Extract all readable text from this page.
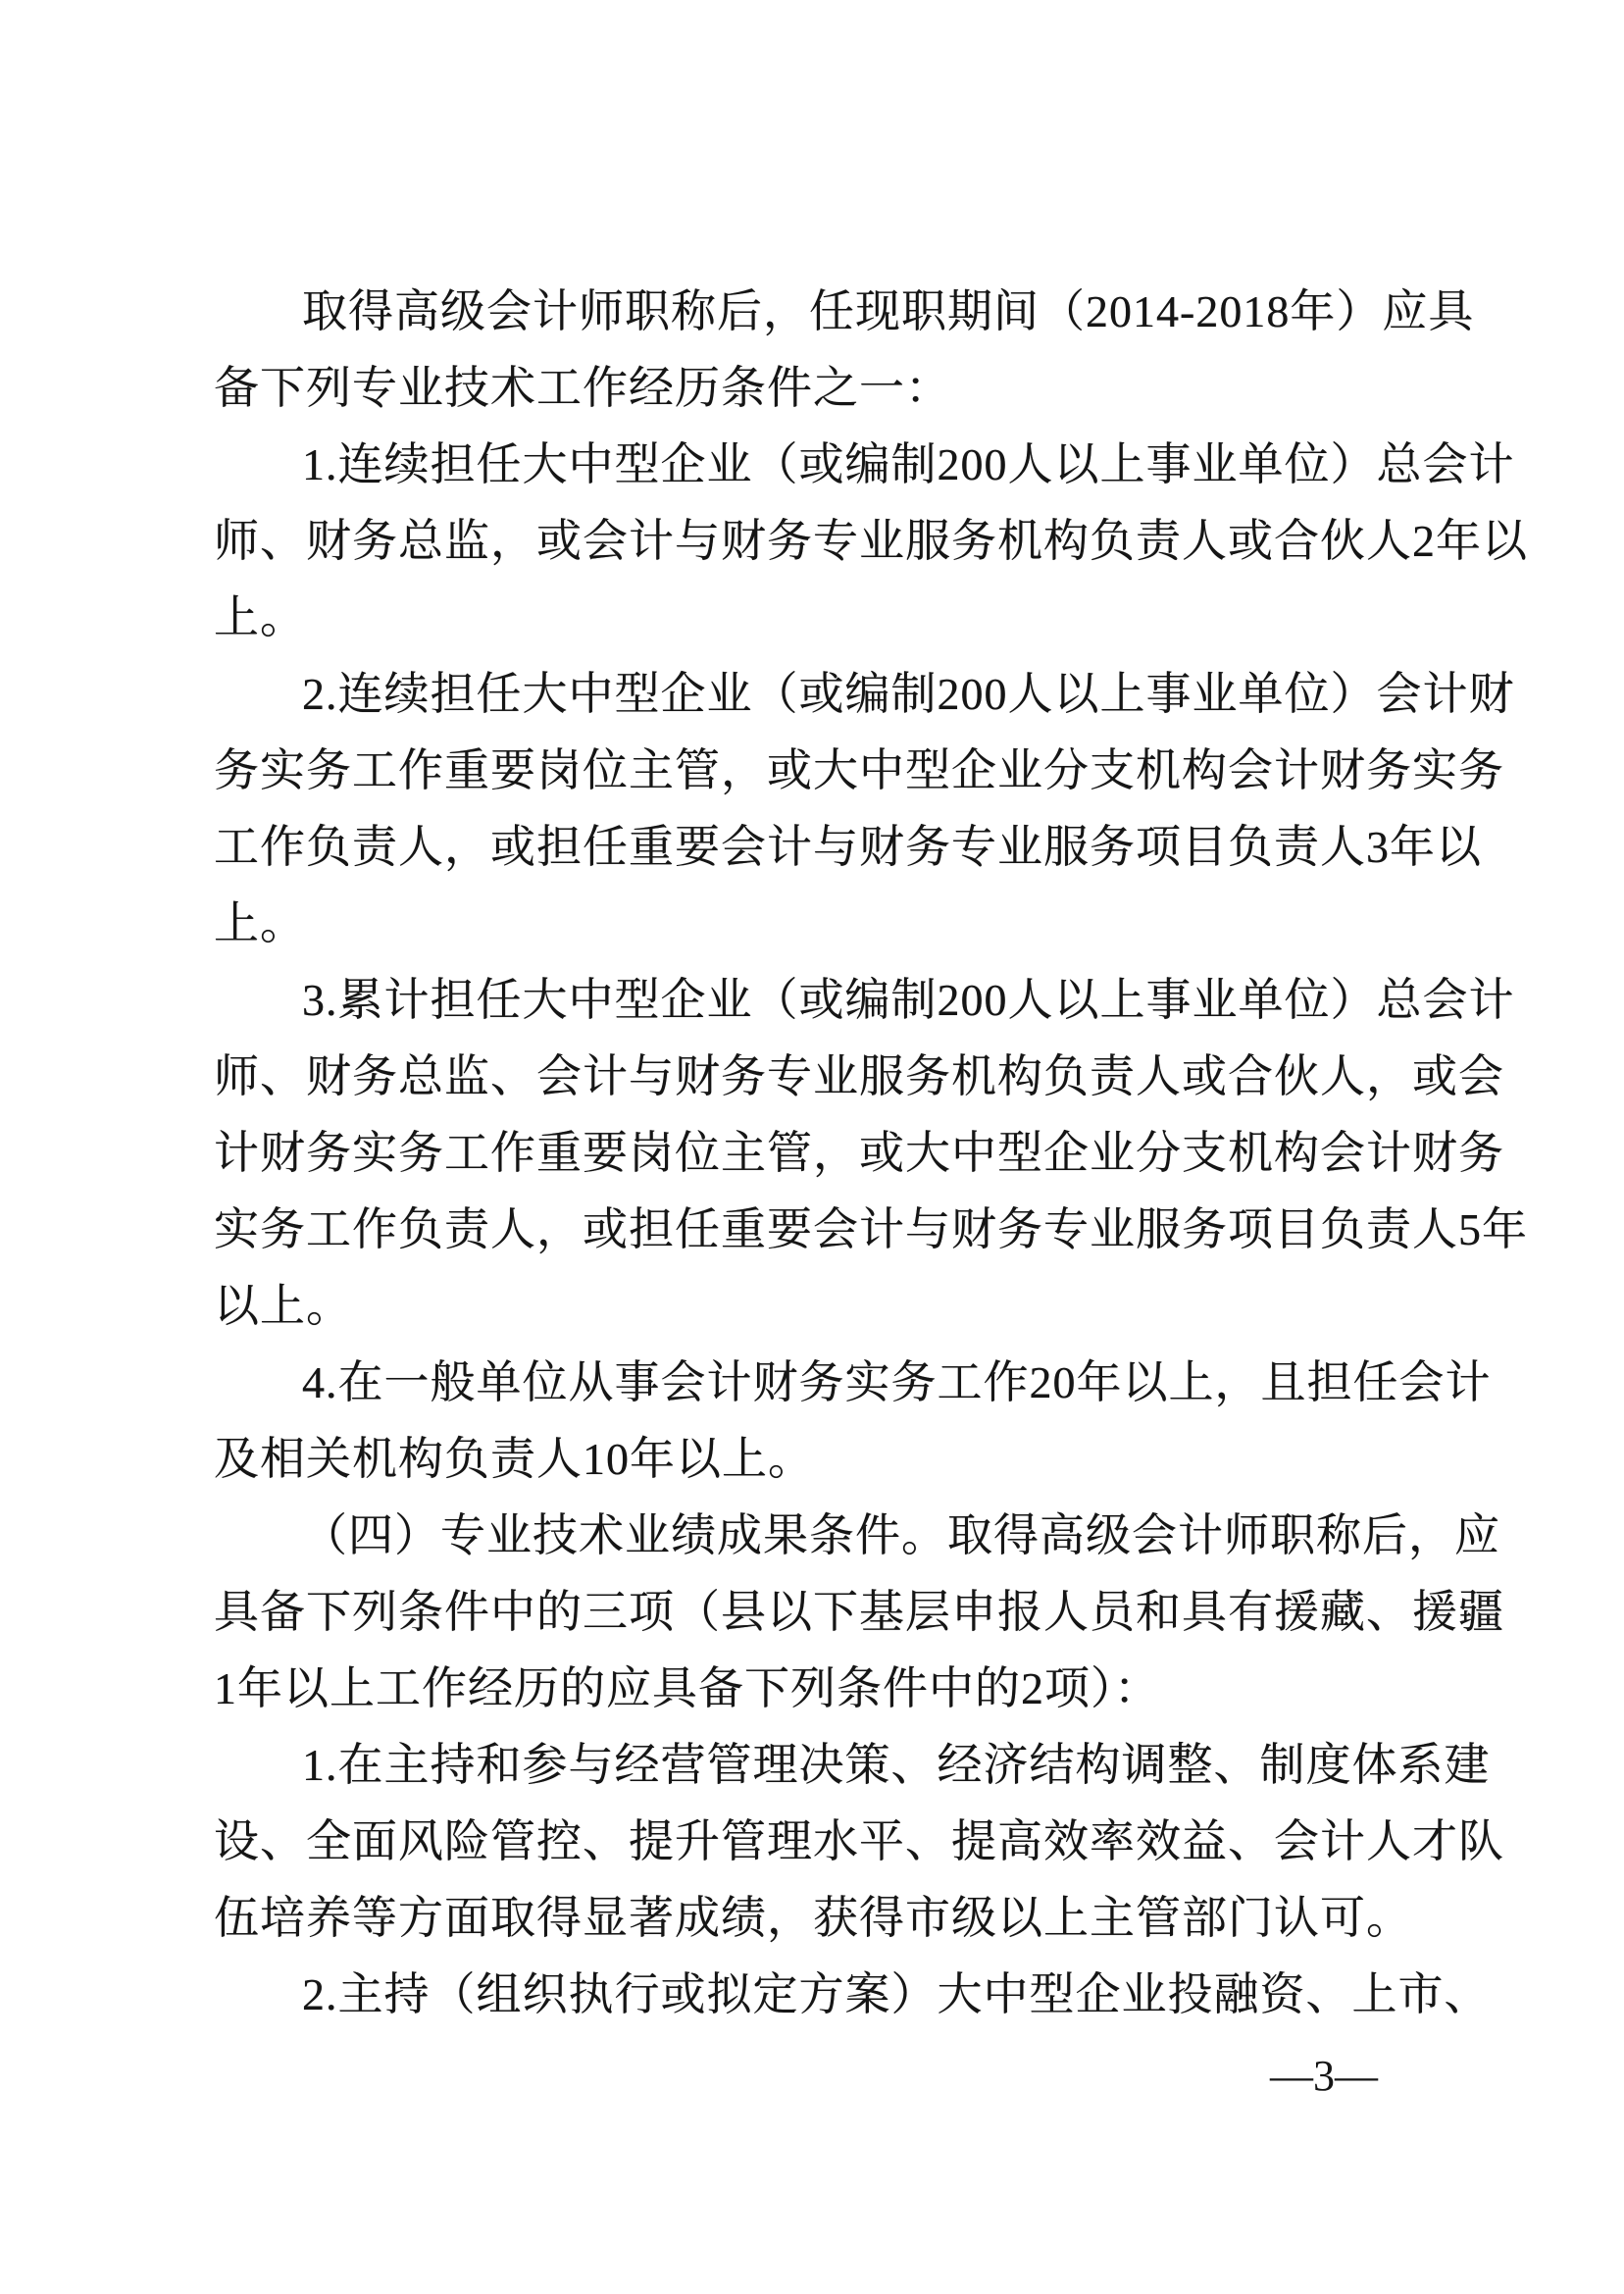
取得高级会计师职称后，任现职期间（2014-2018年）应具
备下列专业技术工作经历条件之一：
1.连续担任大中型企业（或编制200人以上事业单位）总会计
师、财务总监，或会计与财务专业服务机构负责人或合伙人2年以
上。
2.连续担任大中型企业（或编制200人以上事业单位）会计财
务实务工作重要岗位主管，或大中型企业分支机构会计财务实务
工作负责人，或担任重要会计与财务专业服务项目负责人3年以
上。
3.累计担任大中型企业（或编制200人以上事业单位）总会计
师、财务总监、会计与财务专业服务机构负责人或合伙人，或会
计财务实务工作重要岗位主管，或大中型企业分支机构会计财务
实务工作负责人，或担任重要会计与财务专业服务项目负责人5年
以上。
4.在一般单位从事会计财务实务工作20年以上，且担任会计
及相关机构负责人10年以上。
（四）专业技术业绩成果条件。取得高级会计师职称后，应
具备下列条件中的三项（县以下基层申报人员和具有援藏、援疆
1年以上工作经历的应具备下列条件中的2项）：
1.在主持和参与经营管理决策、经济结构调整、制度体系建
设、全面风险管控、提升管理水平、提高效率效益、会计人才队
伍培养等方面取得显著成绩，获得市级以上主管部门认可。
2.主持（组织执行或拟定方案）大中型企业投融资、上市、
—3—
